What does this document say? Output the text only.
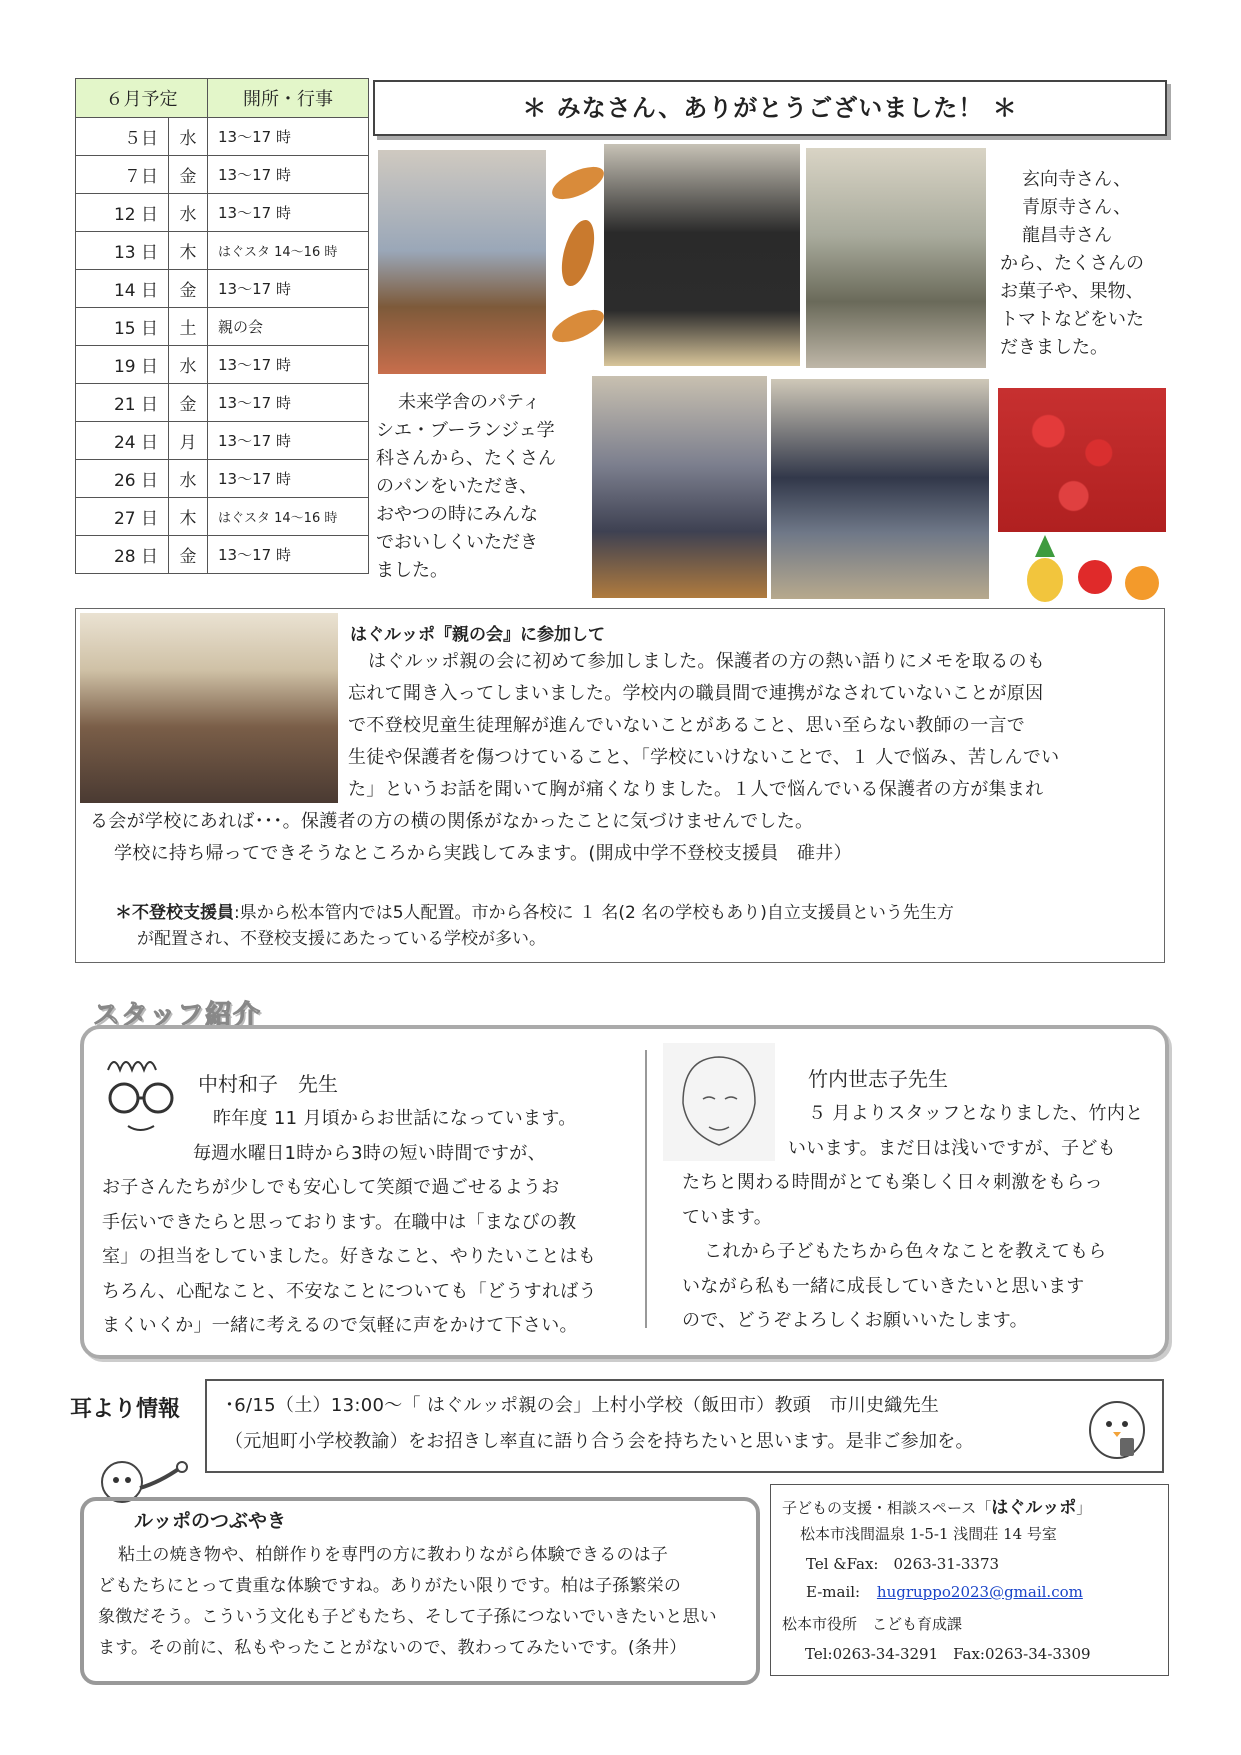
６月予定		開所・行事
５日	水	13～17 時
７日	金	13～17 時
12 日	水	13～17 時
13 日	木	はぐスタ 14～16 時
14 日	金	13～17 時
15 日	土	親の会
19 日	水	13～17 時
21 日	金	13～17 時
24 日	月	13～17 時
26 日	水	13～17 時
27 日	木	はぐスタ 14～16 時
28 日	金	13～17 時
＊ みなさん、ありがとうございました！ ＊
玄向寺さん、
青原寺さん、
龍昌寺さん
から、たくさんの
お菓子や、果物、
トマトなどをいた
だきました。
未来学舎のパティ
シエ・ブーランジェ学
科さんから、たくさん
のパンをいただき、
おやつの時にみんな
でおいしくいただき
ました。
はぐルッポ『親の会』に参加して
はぐルッポ親の会に初めて参加しました。保護者の方の熱い語りにメモを取るのも
忘れて聞き入ってしまいました。学校内の職員間で連携がなされていないことが原因
で不登校児童生徒理解が進んでいないことがあること、思い至らない教師の一言で
生徒や保護者を傷つけていること、「学校にいけないことで、１ 人で悩み、苦しんでい
た」というお話を聞いて胸が痛くなりました。１人で悩んでいる保護者の方が集まれ
る会が学校にあれば･･･。保護者の方の横の関係がなかったことに気づけませんでした。
学校に持ち帰ってできそうなところから実践してみます。(開成中学不登校支援員　碓井）
＊不登校支援員:県から松本管内では5人配置。市から各校に １ 名(2 名の学校もあり)自立支援員という先生方
が配置され、不登校支援にあたっている学校が多い。
スタッフ紹介
中村和子　先生
昨年度 11 月頃からお世話になっています。
毎週水曜日1時から3時の短い時間ですが、
お子さんたちが少しでも安心して笑顔で過ごせるようお
手伝いできたらと思っております。在職中は「まなびの教
室」の担当をしていました。好きなこと、やりたいことはも
ちろん、心配なこと、不安なことについても「どうすればう
まくいくか」一緒に考えるので気軽に声をかけて下さい。
竹内世志子先生
５ 月よりスタッフとなりました、竹内と
いいます。まだ日は浅いですが、子ども
たちと関わる時間がとても楽しく日々刺激をもらっ
ています。
これから子どもたちから色々なことを教えてもら
いながら私も一緒に成長していきたいと思います
ので、どうぞよろしくお願いいたします。
耳より情報 ･6/15（土）13:00～「 はぐルッポ親の会」上村小学校（飯田市）教頭　市川史織先生
（元旭町小学校教諭）をお招きし率直に語り合う会を持ちたいと思います。是非ご参加を。
ルッポのつぶやき
粘土の焼き物や、柏餅作りを専門の方に教わりながら体験できるのは子
どもたちにとって貴重な体験ですね。ありがたい限りです。柏は子孫繁栄の
象徴だそう。こういう文化も子どもたち、そして子孫につないでいきたいと思い
ます。その前に、私もやったことがないので、教わってみたいです。(条井）
子どもの支援・相談スペース「はぐルッポ」
松本市浅間温泉 1-5-1 浅間荘 14 号室
Tel &Fax:　0263-31-3373
E-mail: hugruppo2023@gmail.com
松本市役所　こども育成課
Tel:0263-34-3291　Fax:0263-34-3309
